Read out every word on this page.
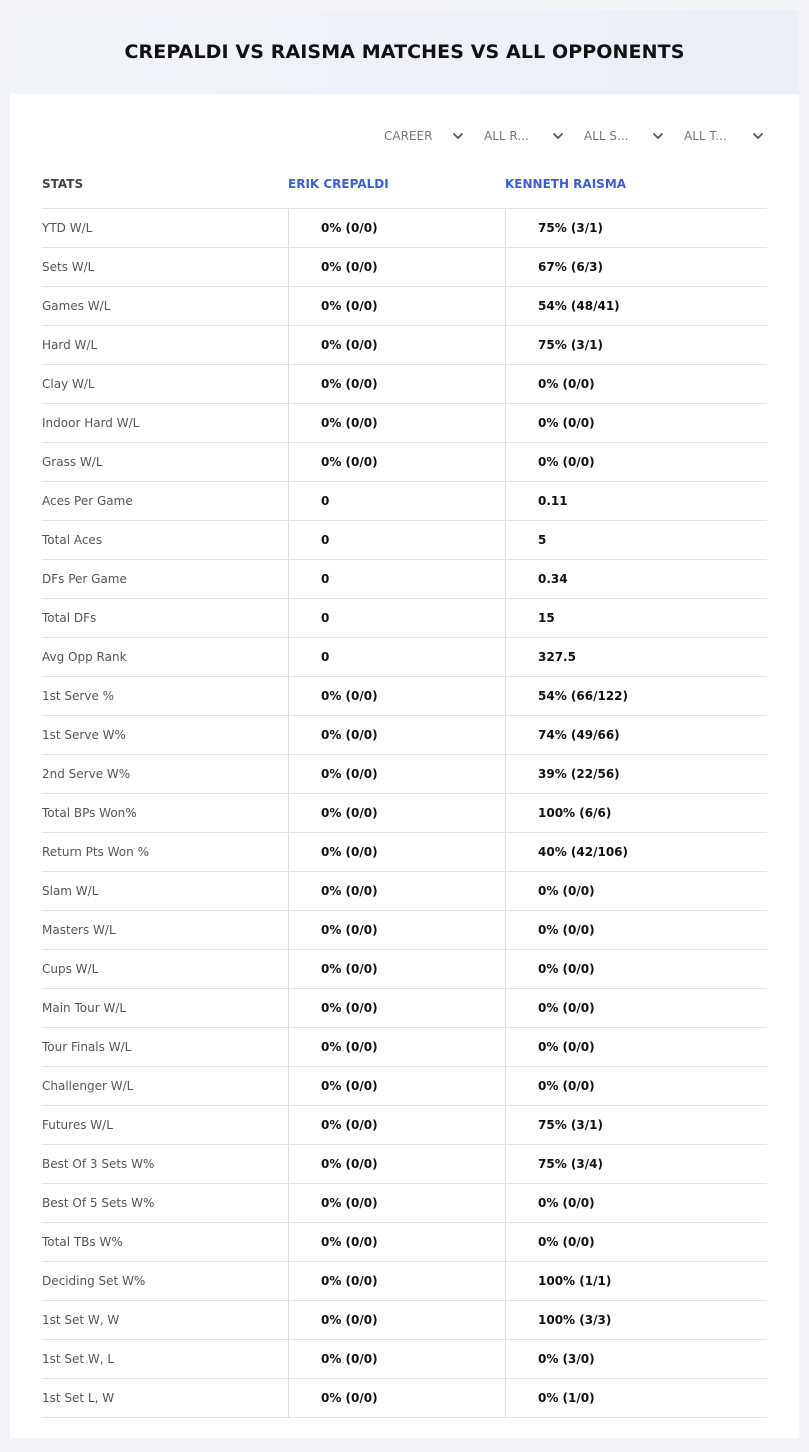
CREPALDI VS RAISMA MATCHES VS ALL OPPONENTS
CAREER	ALL R...	ALL S...	ALL T...
STATS	ERIK CREPALDI	KENNETH RAISMA
YTD W/L	0% (0/0)	75% (3/1)
Sets W/L	0% (0/0)	67% (6/3)
Games W/L	0% (0/0)	54% (48/41)
Hard W/L	0% (0/0)	75% (3/1)
Clay W/L	0% (0/0)	0% (0/0)
Indoor Hard W/L	0% (0/0)	0% (0/0)
Grass W/L	0% (0/0)	0% (0/0)
Aces Per Game	0	0.11
Total Aces	0	5
DFs Per Game	0	0.34
Total DFs	0	15
Avg Opp Rank	0	327.5
1st Serve %	0% (0/0)	54% (66/122)
1st Serve W%	0% (0/0)	74% (49/66)
2nd Serve W%	0% (0/0)	39% (22/56)
Total BPs Won%	0% (0/0)	100% (6/6)
Return Pts Won %	0% (0/0)	40% (42/106)
Slam W/L	0% (0/0)	0% (0/0)
Masters W/L	0% (0/0)	0% (0/0)
Cups W/L	0% (0/0)	0% (0/0)
Main Tour W/L	0% (0/0)	0% (0/0)
Tour Finals W/L	0% (0/0)	0% (0/0)
Challenger W/L	0% (0/0)	0% (0/0)
Futures W/L	0% (0/0)	75% (3/1)
Best Of 3 Sets W%	0% (0/0)	75% (3/4)
Best Of 5 Sets W%	0% (0/0)	0% (0/0)
Total TBs W%	0% (0/0)	0% (0/0)
Deciding Set W%	0% (0/0)	100% (1/1)
1st Set W, W	0% (0/0)	100% (3/3)
1st Set W, L	0% (0/0)	0% (3/0)
1st Set L, W	0% (0/0)	0% (1/0)
